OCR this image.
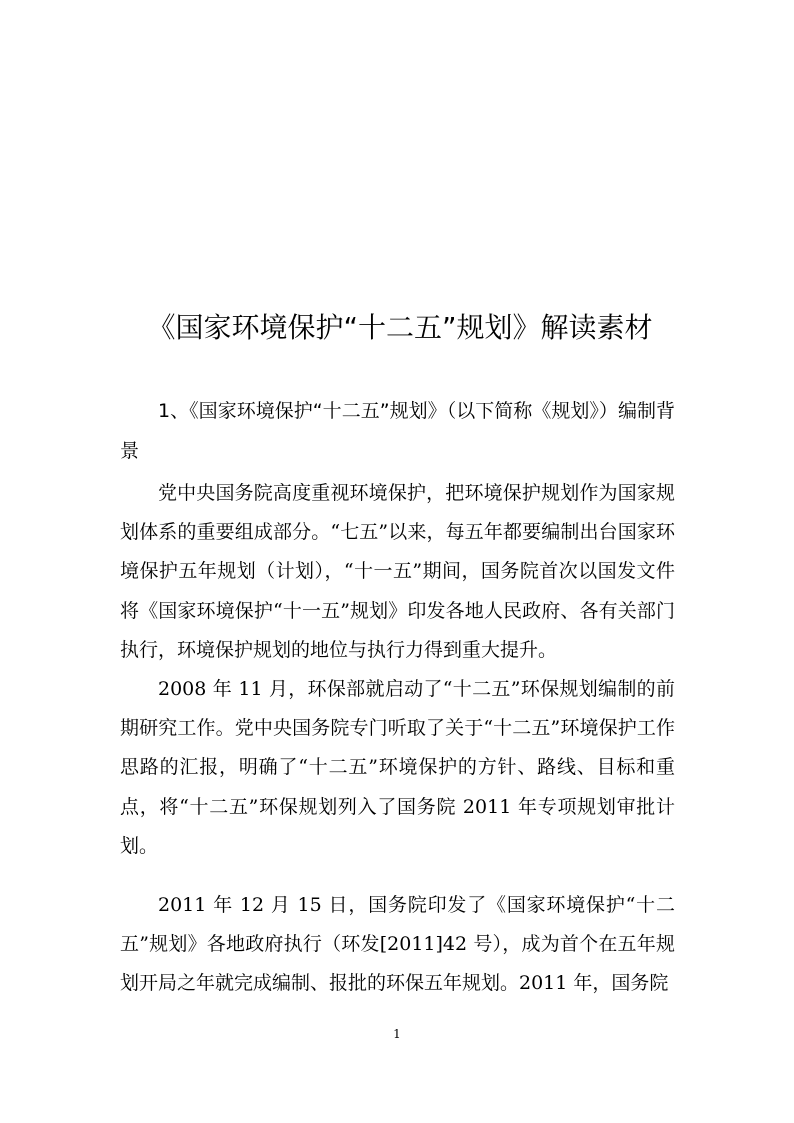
《国家环境保护“十二五”规划》解读素材
1、《国家环境保护“十二五”规划》（以下简称《规划》）编制背景
党中央国务院高度重视环境保护，把环境保护规划作为国家规划体系的重要组成部分。“七五”以来，每五年都要编制出台国家环境保护五年规划（计划），“十一五”期间，国务院首次以国发文件将《国家环境保护“十一五”规划》印发各地人民政府、各有关部门执行，环境保护规划的地位与执行力得到重大提升。
2008 年 11 月，环保部就启动了“十二五”环保规划编制的前期研究工作。党中央国务院专门听取了关于“十二五”环境保护工作思路的汇报，明确了“十二五”环境保护的方针、路线、目标和重点，将“十二五”环保规划列入了国务院 2011 年专项规划审批计划。
2011 年 12 月 15 日，国务院印发了《国家环境保护“十二五”规划》各地政府执行（环发[2011]42 号），成为首个在五年规划开局之年就完成编制、报批的环保五年规划。2011 年，国务院
1
